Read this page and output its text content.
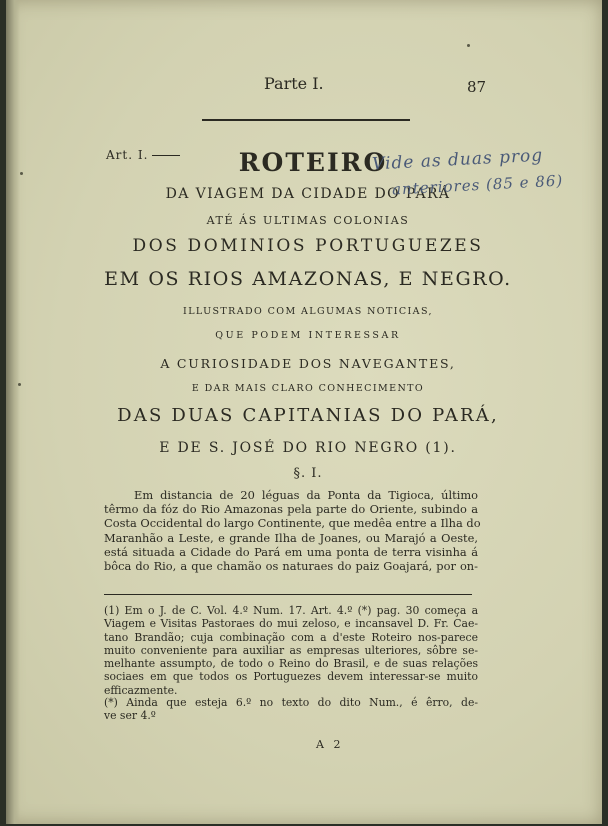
Parte I.	87
Art. I.	ROTEIRO
DA VIAGEM DA CIDADE DO PARÁ
ATÉ ÁS ULTIMAS COLONIAS
DOS DOMINIOS PORTUGUEZES
EM OS RIOS AMAZONAS, E NEGRO.
ILLUSTRADO COM ALGUMAS NOTICIAS,
QUE PODEM INTERESSAR
A CURIOSIDADE DOS NAVEGANTES,
E DAR MAIS CLARO CONHECIMENTO
DAS DUAS CAPITANIAS DO PARÁ,
E DE S. JOSÉ DO RIO NEGRO (1).
§. I.
Vide as duas prog
anteriores (85 e 86)
Em distancia de 20 léguas da Ponta da Tigioca, último
têrmo da fóz do Rio Amazonas pela parte do Oriente, subindo a
Costa Occidental do largo Continente, que medêa entre a Ilha do
Maranhão a Leste, e grande Ilha de Joanes, ou Marajó a Oeste,
está situada a Cidade do Pará em uma ponta de terra visinha á
bôca do Rio, a que chamão os naturaes do paiz Goajará, por on-
(1) Em o J. de C. Vol. 4.º Num. 17. Art. 4.º (*) pag. 30 começa a
Viagem e Visitas Pastoraes do mui zeloso, e incansavel D. Fr. Cae-
tano Brandão; cuja combinação com a d'este Roteiro nos-parece
muito conveniente para auxiliar as empresas ulteriores, sôbre se-
melhante assumpto, de todo o Reino do Brasil, e de suas relações
sociaes em que todos os Portuguezes devem interessar-se muito
efficazmente.
(*) Ainda que esteja 6.º no texto do dito Num., é êrro, de-
ve ser 4.º
A 2
